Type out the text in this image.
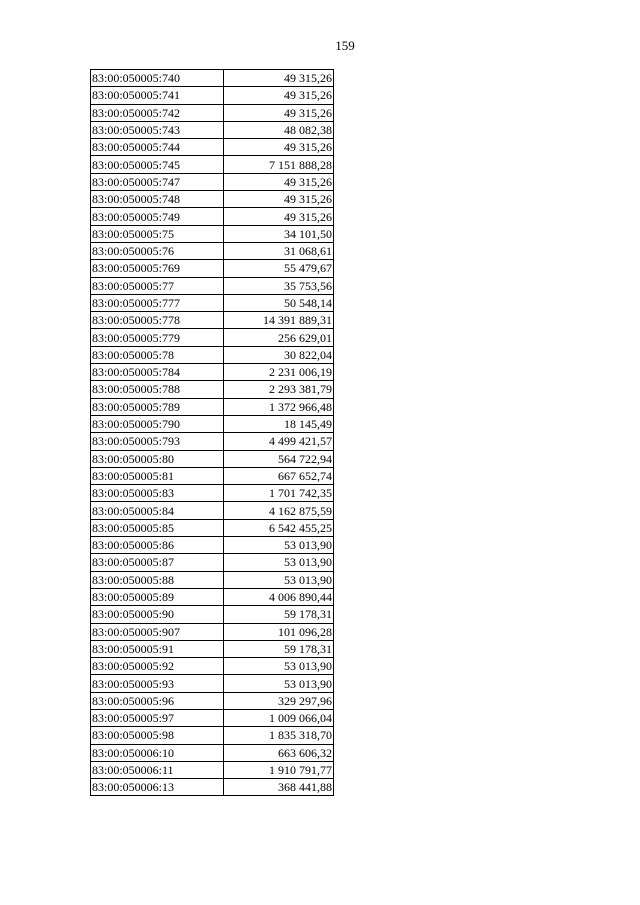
159
83:00:050005:740	49 315,26
83:00:050005:741	49 315,26
83:00:050005:742	49 315,26
83:00:050005:743	48 082,38
83:00:050005:744	49 315,26
83:00:050005:745	7 151 888,28
83:00:050005:747	49 315,26
83:00:050005:748	49 315,26
83:00:050005:749	49 315,26
83:00:050005:75	34 101,50
83:00:050005:76	31 068,61
83:00:050005:769	55 479,67
83:00:050005:77	35 753,56
83:00:050005:777	50 548,14
83:00:050005:778	14 391 889,31
83:00:050005:779	256 629,01
83:00:050005:78	30 822,04
83:00:050005:784	2 231 006,19
83:00:050005:788	2 293 381,79
83:00:050005:789	1 372 966,48
83:00:050005:790	18 145,49
83:00:050005:793	4 499 421,57
83:00:050005:80	564 722,94
83:00:050005:81	667 652,74
83:00:050005:83	1 701 742,35
83:00:050005:84	4 162 875,59
83:00:050005:85	6 542 455,25
83:00:050005:86	53 013,90
83:00:050005:87	53 013,90
83:00:050005:88	53 013,90
83:00:050005:89	4 006 890,44
83:00:050005:90	59 178,31
83:00:050005:907	101 096,28
83:00:050005:91	59 178,31
83:00:050005:92	53 013,90
83:00:050005:93	53 013,90
83:00:050005:96	329 297,96
83:00:050005:97	1 009 066,04
83:00:050005:98	1 835 318,70
83:00:050006:10	663 606,32
83:00:050006:11	1 910 791,77
83:00:050006:13	368 441,88
